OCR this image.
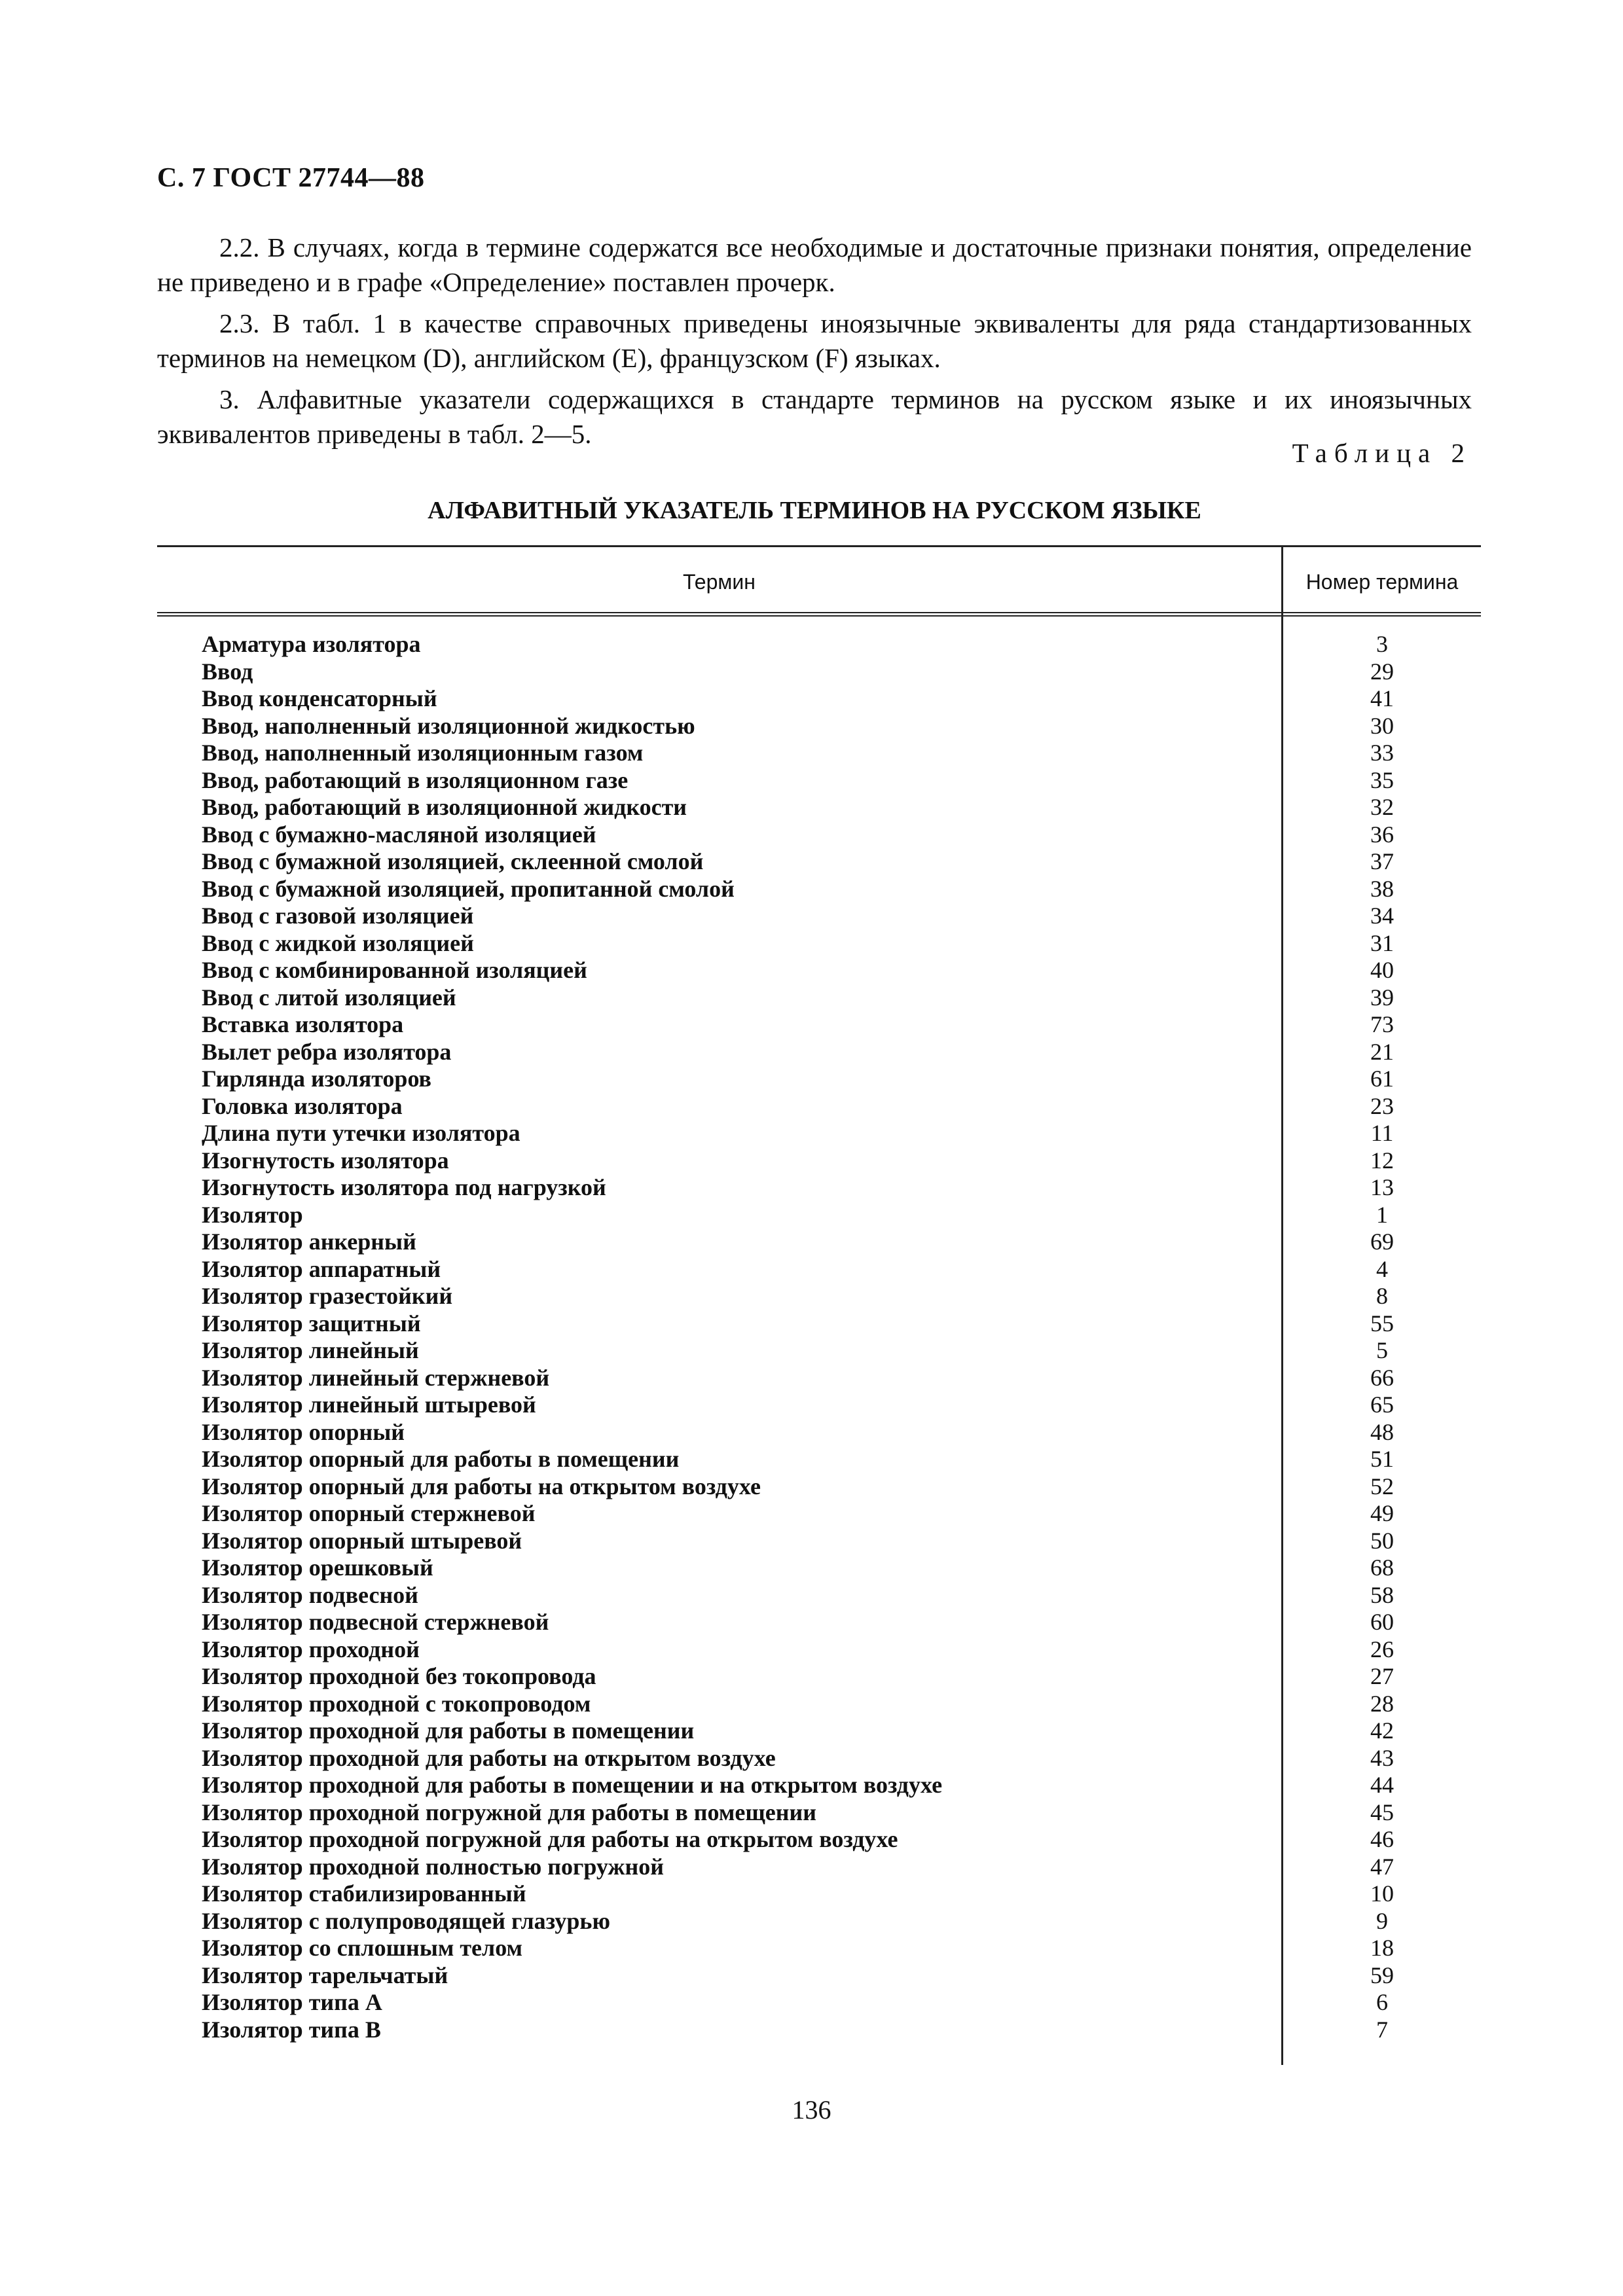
С. 7 ГОСТ 27744—88

2.2. В случаях, когда в термине содержатся все необходимые и достаточные признаки понятия, определение не приведено и в графе «Определение» поставлен прочерк.

2.3. В табл. 1 в качестве справочных приведены иноязычные эквиваленты для ряда стандартизованных терминов на немецком (D), английском (E), французском (F) языках.

3. Алфавитные указатели содержащихся в стандарте терминов на русском языке и их иноязычных эквивалентов приведены в табл. 2—5.

Таблица 2
АЛФАВИТНЫЙ УКАЗАТЕЛЬ ТЕРМИНОВ НА РУССКОМ ЯЗЫКЕ
Термин	Номер термина
Арматура изолятора	3
Ввод	29
Ввод конденсаторный	41
Ввод, наполненный изоляционной жидкостью	30
Ввод, наполненный изоляционным газом	33
Ввод, работающий в изоляционном газе	35
Ввод, работающий в изоляционной жидкости	32
Ввод с бумажно-масляной изоляцией	36
Ввод с бумажной изоляцией, склеенной смолой	37
Ввод с бумажной изоляцией, пропитанной смолой	38
Ввод с газовой изоляцией	34
Ввод с жидкой изоляцией	31
Ввод с комбинированной изоляцией	40
Ввод с литой изоляцией	39
Вставка изолятора	73
Вылет ребра изолятора	21
Гирлянда изоляторов	61
Головка изолятора	23
Длина пути утечки изолятора	11
Изогнутость изолятора	12
Изогнутость изолятора под нагрузкой	13
Изолятор	1
Изолятор анкерный	69
Изолятор аппаратный	4
Изолятор гразестойкий	8
Изолятор защитный	55
Изолятор линейный	5
Изолятор линейный стержневой	66
Изолятор линейный штыревой	65
Изолятор опорный	48
Изолятор опорный для работы в помещении	51
Изолятор опорный для работы на открытом воздухе	52
Изолятор опорный стержневой	49
Изолятор опорный штыревой	50
Изолятор орешковый	68
Изолятор подвесной	58
Изолятор подвесной стержневой	60
Изолятор проходной	26
Изолятор проходной без токопровода	27
Изолятор проходной с токопроводом	28
Изолятор проходной для работы в помещении	42
Изолятор проходной для работы на открытом воздухе	43
Изолятор проходной для работы в помещении и на открытом воздухе	44
Изолятор проходной погружной для работы в помещении	45
Изолятор проходной погружной для работы на открытом воздухе	46
Изолятор проходной полностью погружной	47
Изолятор стабилизированный	10
Изолятор с полупроводящей глазурью	9
Изолятор со сплошным телом	18
Изолятор тарельчатый	59
Изолятор типа А	6
Изолятор типа В	7
136
